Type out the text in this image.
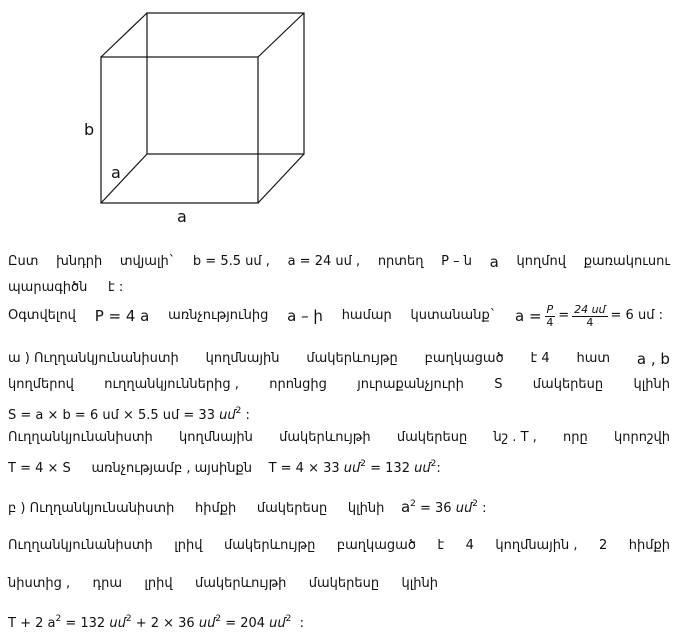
b
a
a
Ըստ խնդրի տվյալի` b = 5.5 սմ , a = 24 սմ , որտեղ P – ն a կողմով քառակուսու
պարագիծն     է :
Օգտվելով P = 4 a առնչությունից a – ի համար կստանանք` $a = \frac{P}{4} = \frac{\text{24 սմ}}{4} = 6$ սմ :
ա ) Ուղղանկյունանիստի կողմնային մակերևույթը բաղկացած է 4 հատ a , b
կողմերով ուղղանկյուններից , որոնցից յուրաքանչյուրի S մակերեսը կլինի
S = a × b = 6 սմ × 5.5 սմ = 33 սմ$^2$ :
Ուղղանկյունանիստի կողմնային մակերևույթի մակերեսը նշ . T , որը կորոշվի
T = 4 × S առնչությամբ , այսինքն T = 4 × 33 սմ$^2$ = 132 սմ$^2$:
բ ) Ուղղանկյունանիստի հիմքի մակերեսը կլինի $a^2 = 36$ սմ$^2$ :
Ուղղանկյունանիստի լրիվ մակերևույթը բաղկացած է 4 կողմնային , 2 հիմքի
նիստից , դրա լրիվ մակերևույթի մակերեսը կլինի
T + 2 $a^2 = 132$ սմ$^2$ + 2 × 36 սմ$^2$ = 204 սմ$^2$ :
